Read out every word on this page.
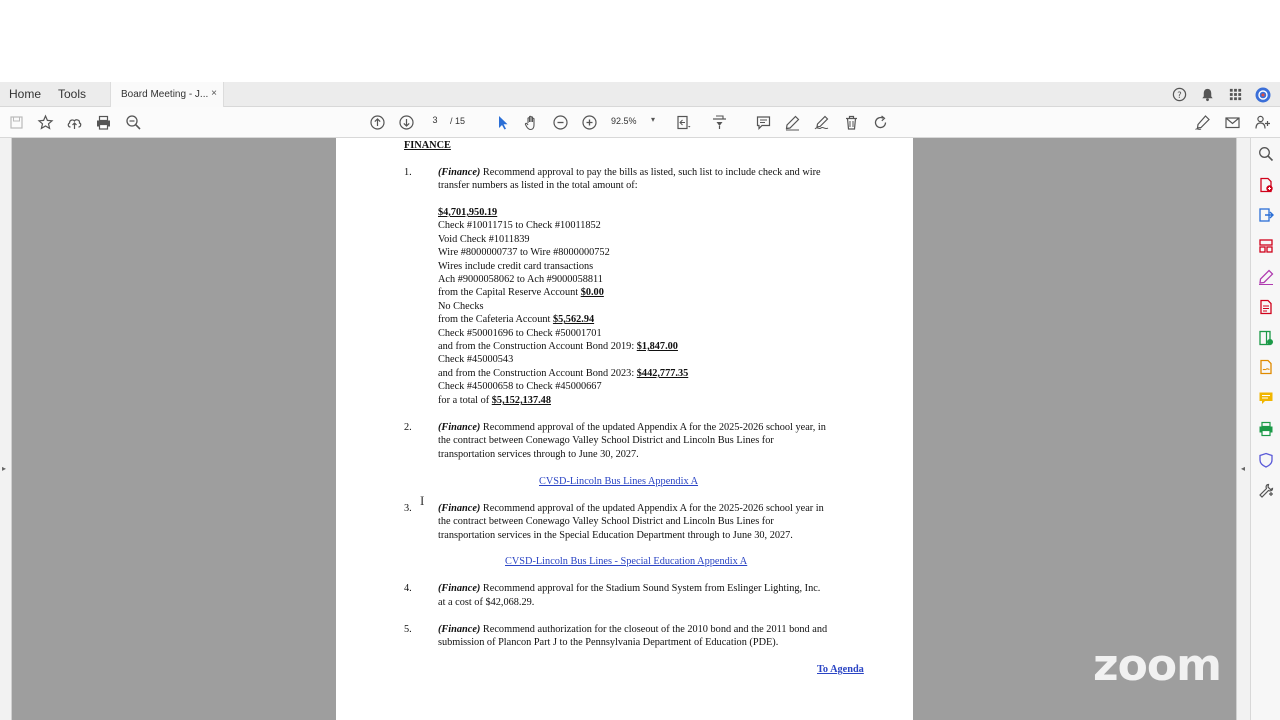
Home Tools	Board Meeting - J... ×	?
3	/ 15	92.5% ▾
▸	◂
FINANCE
1.	(Finance) Recommend approval to pay the bills as listed, such list to include check and wire
transfer numbers as listed in the total amount of:
$4,701,950.19
Check #10011715 to Check #10011852
Void Check #1011839
Wire #8000000737 to Wire #8000000752
Wires include credit card transactions
Ach #9000058062 to Ach #9000058811
from the Capital Reserve Account $0.00
No Checks
from the Cafeteria Account $5,562.94
Check #50001696 to Check #50001701
and from the Construction Account Bond 2019: $1,847.00
Check #45000543
and from the Construction Account Bond 2023: $442,777.35
Check #45000658 to Check #45000667
for a total of $5,152,137.48
2.	(Finance) Recommend approval of the updated Appendix A for the 2025-2026 school year, in
the contract between Conewago Valley School District and Lincoln Bus Lines for
transportation services through to June 30, 2027.
CVSD-Lincoln Bus Lines Appendix A
3.	(Finance) Recommend approval of the updated Appendix A for the 2025-2026 school year in
the contract between Conewago Valley School District and Lincoln Bus Lines for
transportation services in the Special Education Department through to June 30, 2027.
CVSD-Lincoln Bus Lines - Special Education Appendix A
4.	(Finance) Recommend approval for the Stadium Sound System from Eslinger Lighting, Inc.
at a cost of $42,068.29.
5.	(Finance) Recommend authorization for the closeout of the 2010 bond and the 2011 bond and
submission of Plancon Part J to the Pennsylvania Department of Education (PDE).
To Agenda
I
zoom
